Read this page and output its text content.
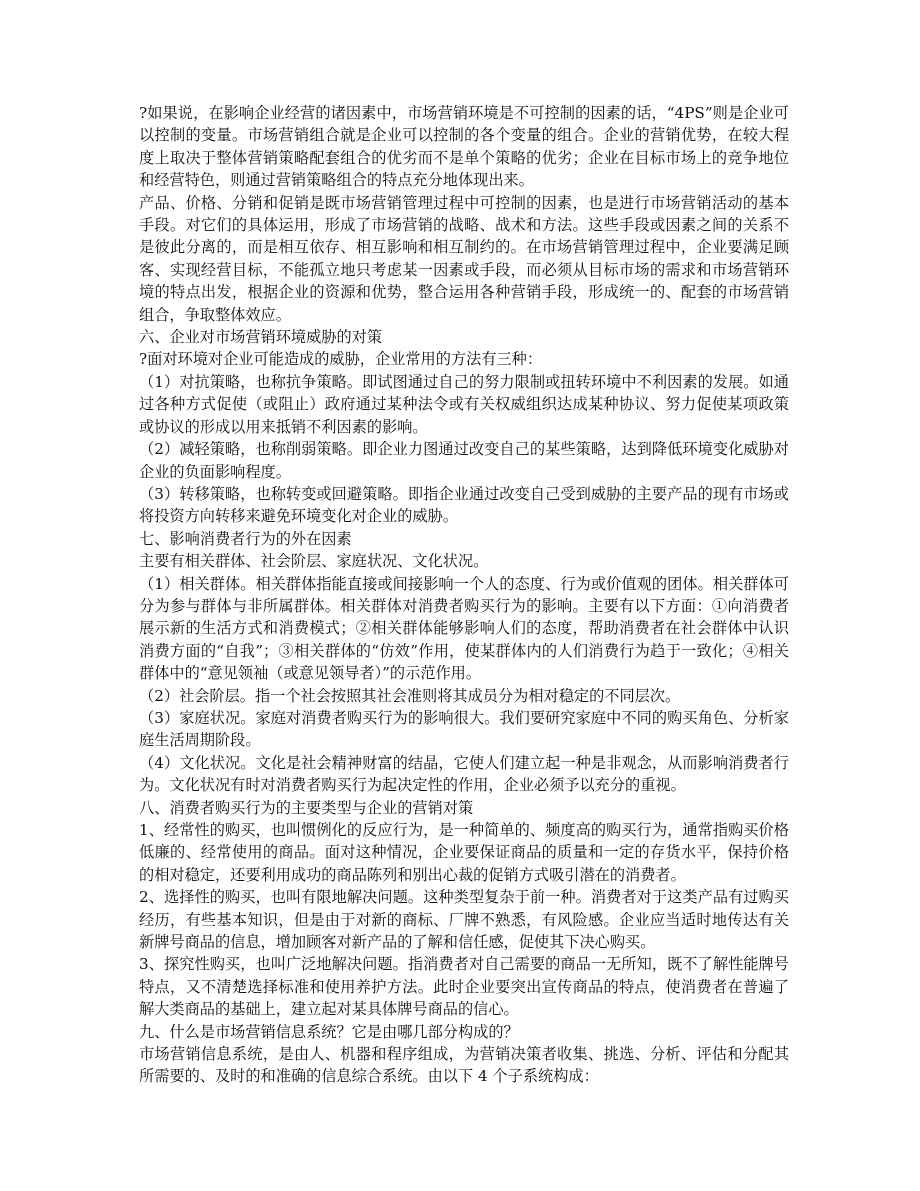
?如果说，在影响企业经营的诸因素中，市场营销环境是不可控制的因素的话，“4PS”则是企业可以控制的变量。市场营销组合就是企业可以控制的各个变量的组合。企业的营销优势，在较大程度上取决于整体营销策略配套组合的优劣而不是单个策略的优劣；企业在目标市场上的竞争地位和经营特色，则通过营销策略组合的特点充分地体现出来。

产品、价格、分销和促销是既市场营销管理过程中可控制的因素，也是进行市场营销活动的基本手段。对它们的具体运用，形成了市场营销的战略、战术和方法。这些手段或因素之间的关系不是彼此分离的，而是相互依存、相互影响和相互制约的。在市场营销管理过程中，企业要满足顾客、实现经营目标，不能孤立地只考虑某一因素或手段，而必须从目标市场的需求和市场营销环境的特点出发，根据企业的资源和优势，整合运用各种营销手段，形成统一的、配套的市场营销组合，争取整体效应。

六、企业对市场营销环境威胁的对策

?面对环境对企业可能造成的威胁，企业常用的方法有三种：

（1）对抗策略，也称抗争策略。即试图通过自己的努力限制或扭转环境中不利因素的发展。如通过各种方式促使（或阻止）政府通过某种法令或有关权威组织达成某种协议、努力促使某项政策或协议的形成以用来抵销不利因素的影响。

（2）减轻策略，也称削弱策略。即企业力图通过改变自己的某些策略，达到降低环境变化威胁对企业的负面影响程度。

（3）转移策略，也称转变或回避策略。即指企业通过改变自己受到威胁的主要产品的现有市场或将投资方向转移来避免环境变化对企业的威胁。

七、影响消费者行为的外在因素

主要有相关群体、社会阶层、家庭状况、文化状况。

（1）相关群体。相关群体指能直接或间接影响一个人的态度、行为或价值观的团体。相关群体可分为参与群体与非所属群体。相关群体对消费者购买行为的影响。主要有以下方面：①向消费者展示新的生活方式和消费模式；②相关群体能够影响人们的态度，帮助消费者在社会群体中认识消费方面的“自我”；③相关群体的“仿效”作用，使某群体内的人们消费行为趋于一致化；④相关群体中的“意见领袖（或意见领导者）”的示范作用。

（2）社会阶层。指一个社会按照其社会准则将其成员分为相对稳定的不同层次。

（3）家庭状况。家庭对消费者购买行为的影响很大。我们要研究家庭中不同的购买角色、分析家庭生活周期阶段。

（4）文化状况。文化是社会精神财富的结晶，它使人们建立起一种是非观念，从而影响消费者行为。文化状况有时对消费者购买行为起决定性的作用，企业必须予以充分的重视。

八、消费者购买行为的主要类型与企业的营销对策

1、经常性的购买，也叫惯例化的反应行为，是一种简单的、频度高的购买行为，通常指购买价格低廉的、经常使用的商品。面对这种情况，企业要保证商品的质量和一定的存货水平，保持价格的相对稳定，还要利用成功的商品陈列和别出心裁的促销方式吸引潜在的消费者。

2、选择性的购买，也叫有限地解决问题。这种类型复杂于前一种。消费者对于这类产品有过购买经历，有些基本知识，但是由于对新的商标、厂牌不熟悉，有风险感。企业应当适时地传达有关新牌号商品的信息，增加顾客对新产品的了解和信任感，促使其下决心购买。

3、探究性购买，也叫广泛地解决问题。指消费者对自己需要的商品一无所知，既不了解性能牌号特点，又不清楚选择标准和使用养护方法。此时企业要突出宣传商品的特点，使消费者在普遍了解大类商品的基础上，建立起对某具体牌号商品的信心。

九、什么是市场营销信息系统？它是由哪几部分构成的？

市场营销信息系统，是由人、机器和程序组成，为营销决策者收集、挑选、分析、评估和分配其所需要的、及时的和准确的信息综合系统。由以下 4 个子系统构成：
